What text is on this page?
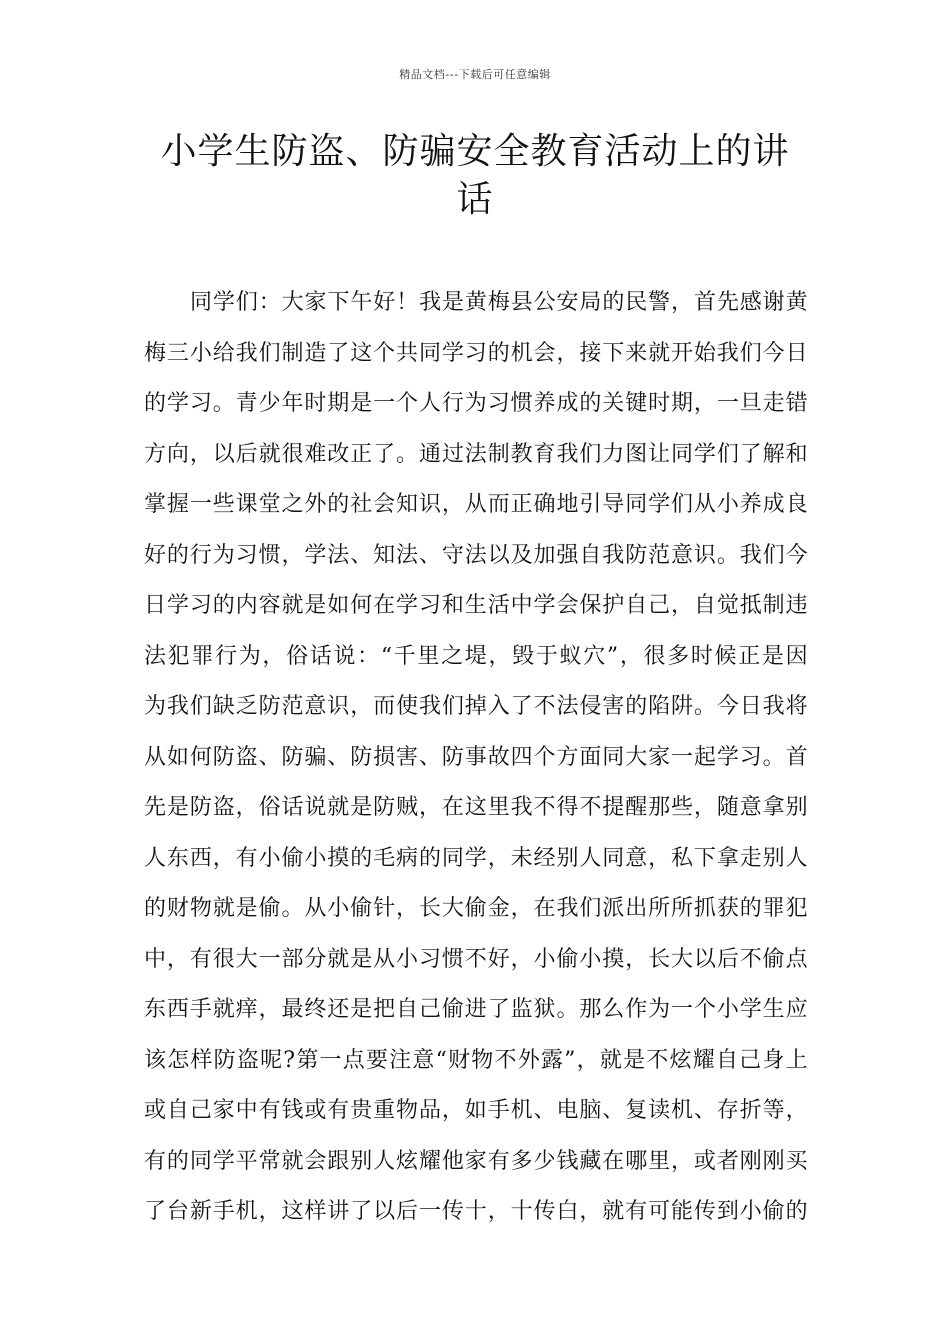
精品文档---下载后可任意编辑
小学生防盗、防骗安全教育活动上的讲
话
同学们：大家下午好！我是黄梅县公安局的民警，首先感谢黄
梅三小给我们制造了这个共同学习的机会，接下来就开始我们今日
的学习。青少年时期是一个人行为习惯养成的关键时期，一旦走错
方向，以后就很难改正了。通过法制教育我们力图让同学们了解和
掌握一些课堂之外的社会知识，从而正确地引导同学们从小养成良
好的行为习惯，学法、知法、守法以及加强自我防范意识。我们今
日学习的内容就是如何在学习和生活中学会保护自己，自觉抵制违
法犯罪行为，俗话说：“千里之堤，毁于蚁穴”，很多时候正是因
为我们缺乏防范意识，而使我们掉入了不法侵害的陷阱。今日我将
从如何防盗、防骗、防损害、防事故四个方面同大家一起学习。首
先是防盗，俗话说就是防贼，在这里我不得不提醒那些，随意拿别
人东西，有小偷小摸的毛病的同学，未经别人同意，私下拿走别人
的财物就是偷。从小偷针，长大偷金，在我们派出所所抓获的罪犯
中，有很大一部分就是从小习惯不好，小偷小摸，长大以后不偷点
东西手就痒，最终还是把自己偷进了监狱。那么作为一个小学生应
该怎样防盗呢?第一点要注意“财物不外露”，就是不炫耀自己身上
或自己家中有钱或有贵重物品，如手机、电脑、复读机、存折等，
有的同学平常就会跟别人炫耀他家有多少钱藏在哪里，或者刚刚买
了台新手机，这样讲了以后一传十，十传白，就有可能传到小偷的
